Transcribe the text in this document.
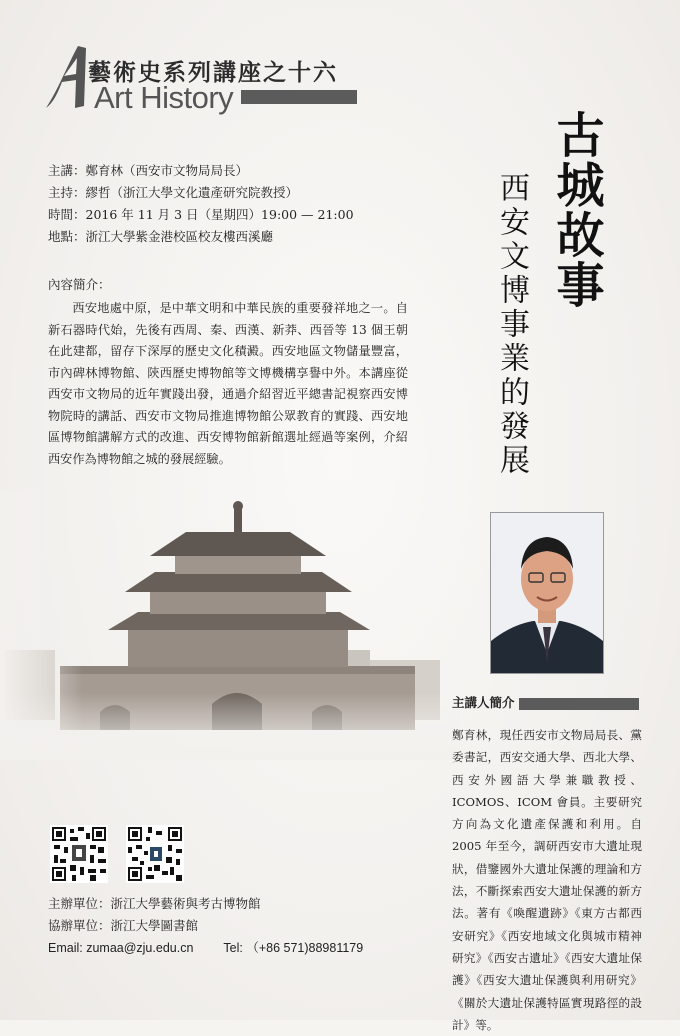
藝術史系列講座之十六
Art History
主講：鄭育林（西安市文物局局長）
主持：繆哲（浙江大學文化遺產研究院教授）
時間：2016 年 11 月 3 日（星期四）19:00 — 21:00
地點：浙江大學紫金港校區校友樓西溪廳
內容簡介：
西安地處中原，是中華文明和中華民族的重要發祥地之一。自新石器時代始，先後有西周、秦、西漢、新莽、西晉等 13 個王朝在此建都，留存下深厚的歷史文化積澱。西安地區文物儲量豐富，市內碑林博物館、陝西歷史博物館等文博機構享譽中外。本講座從西安市文物局的近年實踐出發，通過介紹習近平總書記視察西安博物院時的講話、西安市文物局推進博物館公眾教育的實踐、西安地區博物館講解方式的改進、西安博物館新館選址經過等案例，介紹西安作為博物館之城的發展經驗。
古城故事
西安文博事業的發展
主講人簡介
鄭育林，現任西安市文物局局長、黨委書記，西安交通大學、西北大學、西安外國語大學兼職教授、ICOMOS、ICOM 會員。主要研究方向為文化遺產保護和利用。自 2005 年至今，調研西安市大遺址現狀，借鑒國外大遺址保護的理論和方法，不斷探索西安大遺址保護的新方法。著有《喚醒遺跡》《東方古都西安研究》《西安地域文化與城市精神研究》《西安古遺址》《西安大遺址保護》《西安大遺址保護與利用研究》《關於大遺址保護特區實現路徑的設計》等。
主辦單位：浙江大學藝術與考古博物館
協辦單位：浙江大學圖書館
Email: zumaa@zju.edu.cn Tel: （+86 571)88981179
